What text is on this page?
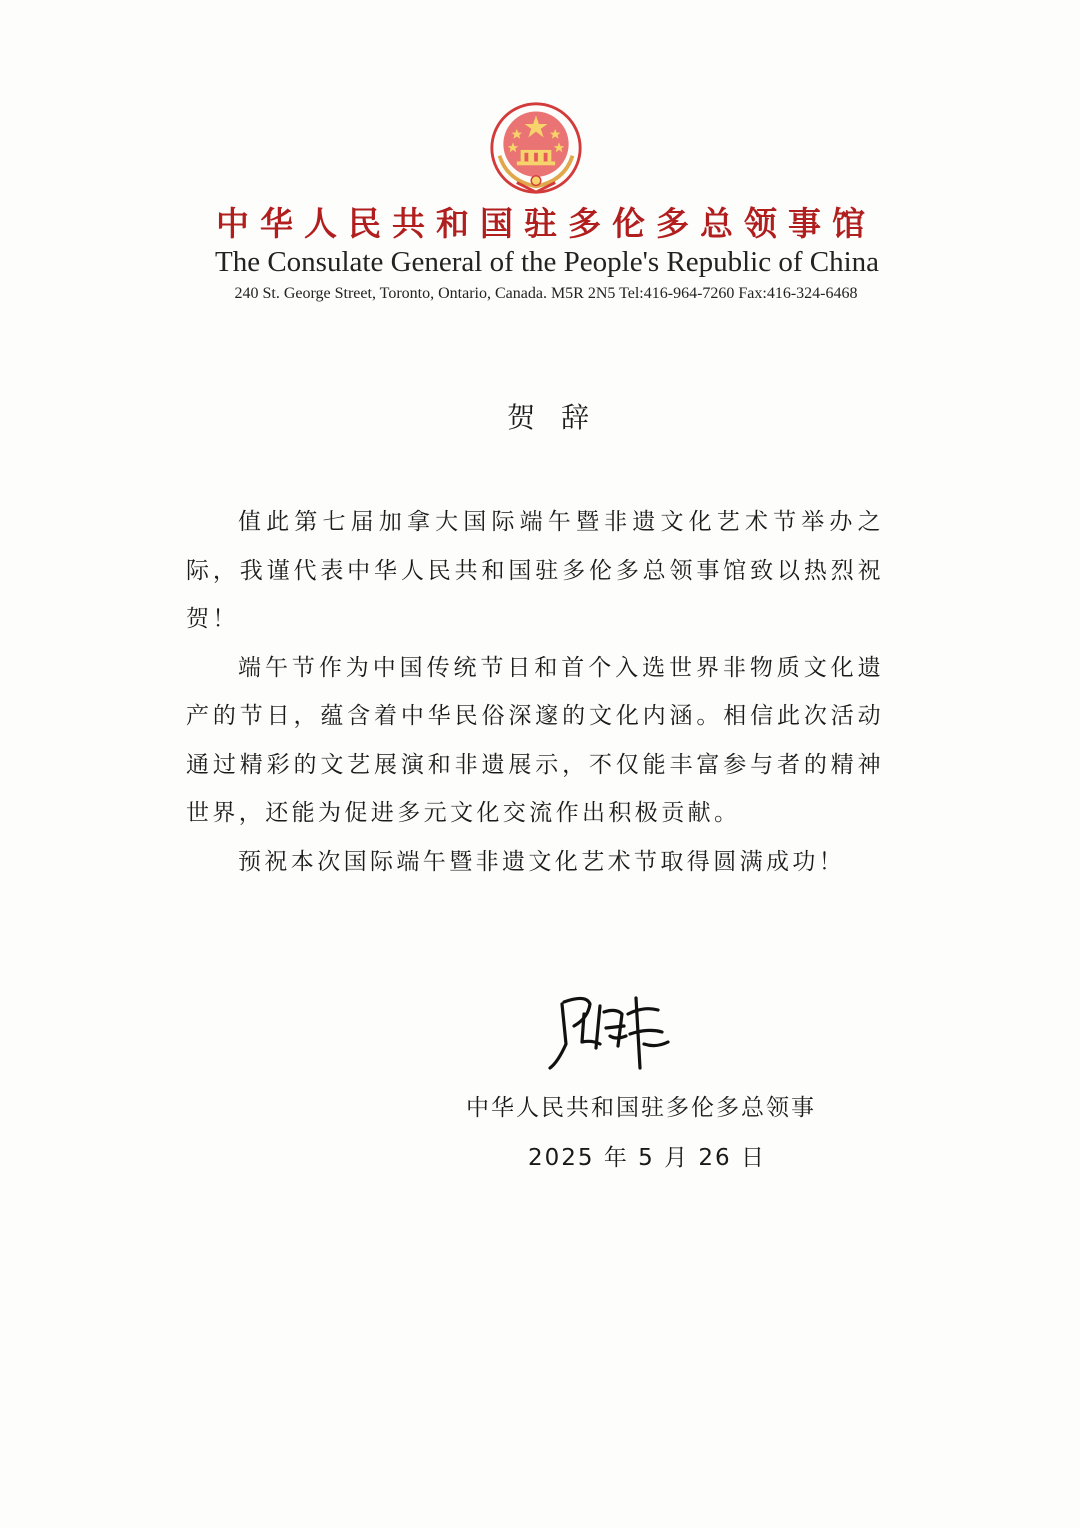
中华人民共和国驻多伦多总领事馆
The Consulate General of the People's Republic of China
240 St. George Street, Toronto, Ontario, Canada. M5R 2N5 Tel:416-964-7260 Fax:416-324-6468
贺辞

值此第七届加拿大国际端午暨非遗文化艺术节举办之际，我谨代表中华人民共和国驻多伦多总领事馆致以热烈祝贺！

端午节作为中国传统节日和首个入选世界非物质文化遗产的节日，蕴含着中华民俗深邃的文化内涵。相信此次活动通过精彩的文艺展演和非遗展示，不仅能丰富参与者的精神世界，还能为促进多元文化交流作出积极贡献。

预祝本次国际端午暨非遗文化艺术节取得圆满成功！

中华人民共和国驻多伦多总领事
2025 年 5 月 26 日
